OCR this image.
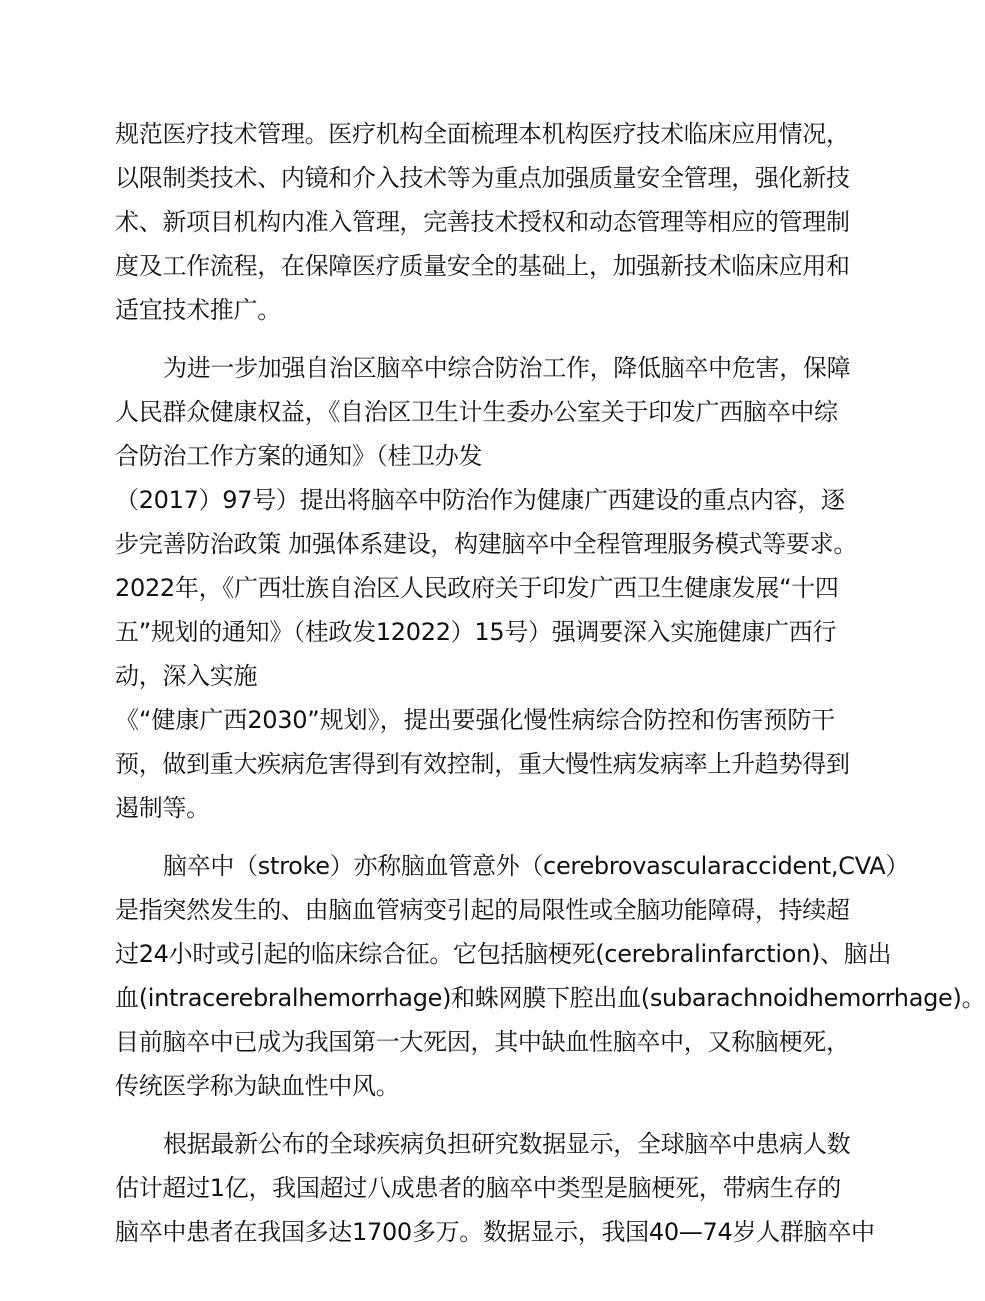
规范医疗技术管理。医疗机构全面梳理本机构医疗技术临床应用情况，
以限制类技术、内镜和介入技术等为重点加强质量安全管理，强化新技
术、新项目机构内准入管理，完善技术授权和动态管理等相应的管理制
度及工作流程，在保障医疗质量安全的基础上，加强新技术临床应用和
适宜技术推广。
为进一步加强自治区脑卒中综合防治工作，降低脑卒中危害，保障
人民群众健康权益，《自治区卫生计生委办公室关于印发广西脑卒中综
合防治工作方案的通知》（桂卫办发
（2017）97号）提出将脑卒中防治作为健康广西建设的重点内容，逐
步完善防治政策 加强体系建设，构建脑卒中全程管理服务模式等要求。
2022年，《广西壮族自治区人民政府关于印发广西卫生健康发展“十四
五”规划的通知》（桂政发12022）15号）强调要深入实施健康广西行
动，深入实施
《“健康广西2030”规划》，提出要强化慢性病综合防控和伤害预防干
预，做到重大疾病危害得到有效控制，重大慢性病发病率上升趋势得到
遏制等。
脑卒中（stroke）亦称脑血管意外（cerebrovascularaccident,CVA）
是指突然发生的、由脑血管病变引起的局限性或全脑功能障碍，持续超
过24小时或引起的临床综合征。它包括脑梗死(cerebralinfarction)、脑出
血(intracerebralhemorrhage)和蛛网膜下腔出血(subarachnoidhemorrhage)。
目前脑卒中已成为我国第一大死因，其中缺血性脑卒中，又称脑梗死，
传统医学称为缺血性中风。
根据最新公布的全球疾病负担研究数据显示，全球脑卒中患病人数
估计超过1亿，我国超过八成患者的脑卒中类型是脑梗死，带病生存的
脑卒中患者在我国多达1700多万。数据显示，我国40—74岁人群脑卒中
